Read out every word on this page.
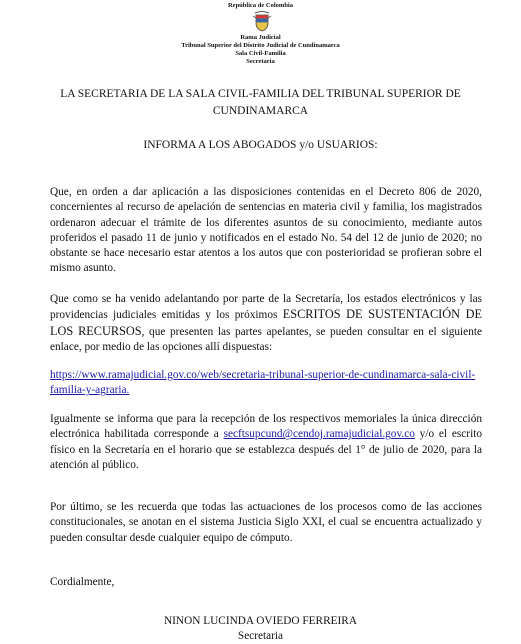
República de Colombia
Rama Judicial
Tribunal Superior del Distrito Judicial de Cundinamarca
Sala Civil-Familia
Secretaria
LA SECRETARIA DE LA SALA CIVIL-FAMILIA DEL TRIBUNAL SUPERIOR DE
CUNDINAMARCA
INFORMA A LOS ABOGADOS y/o USUARIOS:
Que, en orden a dar aplicación a las disposiciones contenidas en el Decreto 806 de 2020, concernientes al recurso de apelación de sentencias en materia civil y familia, los magistrados ordenaron adecuar el trámite de los diferentes asuntos de su conocimiento, mediante autos proferidos el pasado 11 de junio y notificados en el estado No. 54 del 12 de junio de 2020; no obstante se hace necesario estar atentos a los autos que con posterioridad se profieran sobre el mismo asunto.
Que como se ha venido adelantando por parte de la Secretaría, los estados electrónicos y las providencias judiciales emitidas y los próximos ESCRITOS DE SUSTENTACIÓN DE LOS RECURSOS, que presenten las partes apelantes, se pueden consultar en el siguiente enlace, por medio de las opciones allí dispuestas:
https://www.ramajudicial.gov.co/web/secretaria-tribunal-superior-de-cundinamarca-sala-civil-familia-y-agraria.
Igualmente se informa que para la recepción de los respectivos memoriales la única dirección electrónica habilitada corresponde a secftsupcund@cendoj.ramajudicial.gov.co y/o el escrito físico en la Secretaría en el horario que se establezca después del 1° de julio de 2020, para la atención al público.
Por último, se les recuerda que todas las actuaciones de los procesos como de las acciones constitucionales, se anotan en el sistema Justicia Siglo XXI, el cual se encuentra actualizado y pueden consultar desde cualquier equipo de cómputo.
Cordialmente,
NINON LUCINDA OVIEDO FERREIRA
Secretaria
